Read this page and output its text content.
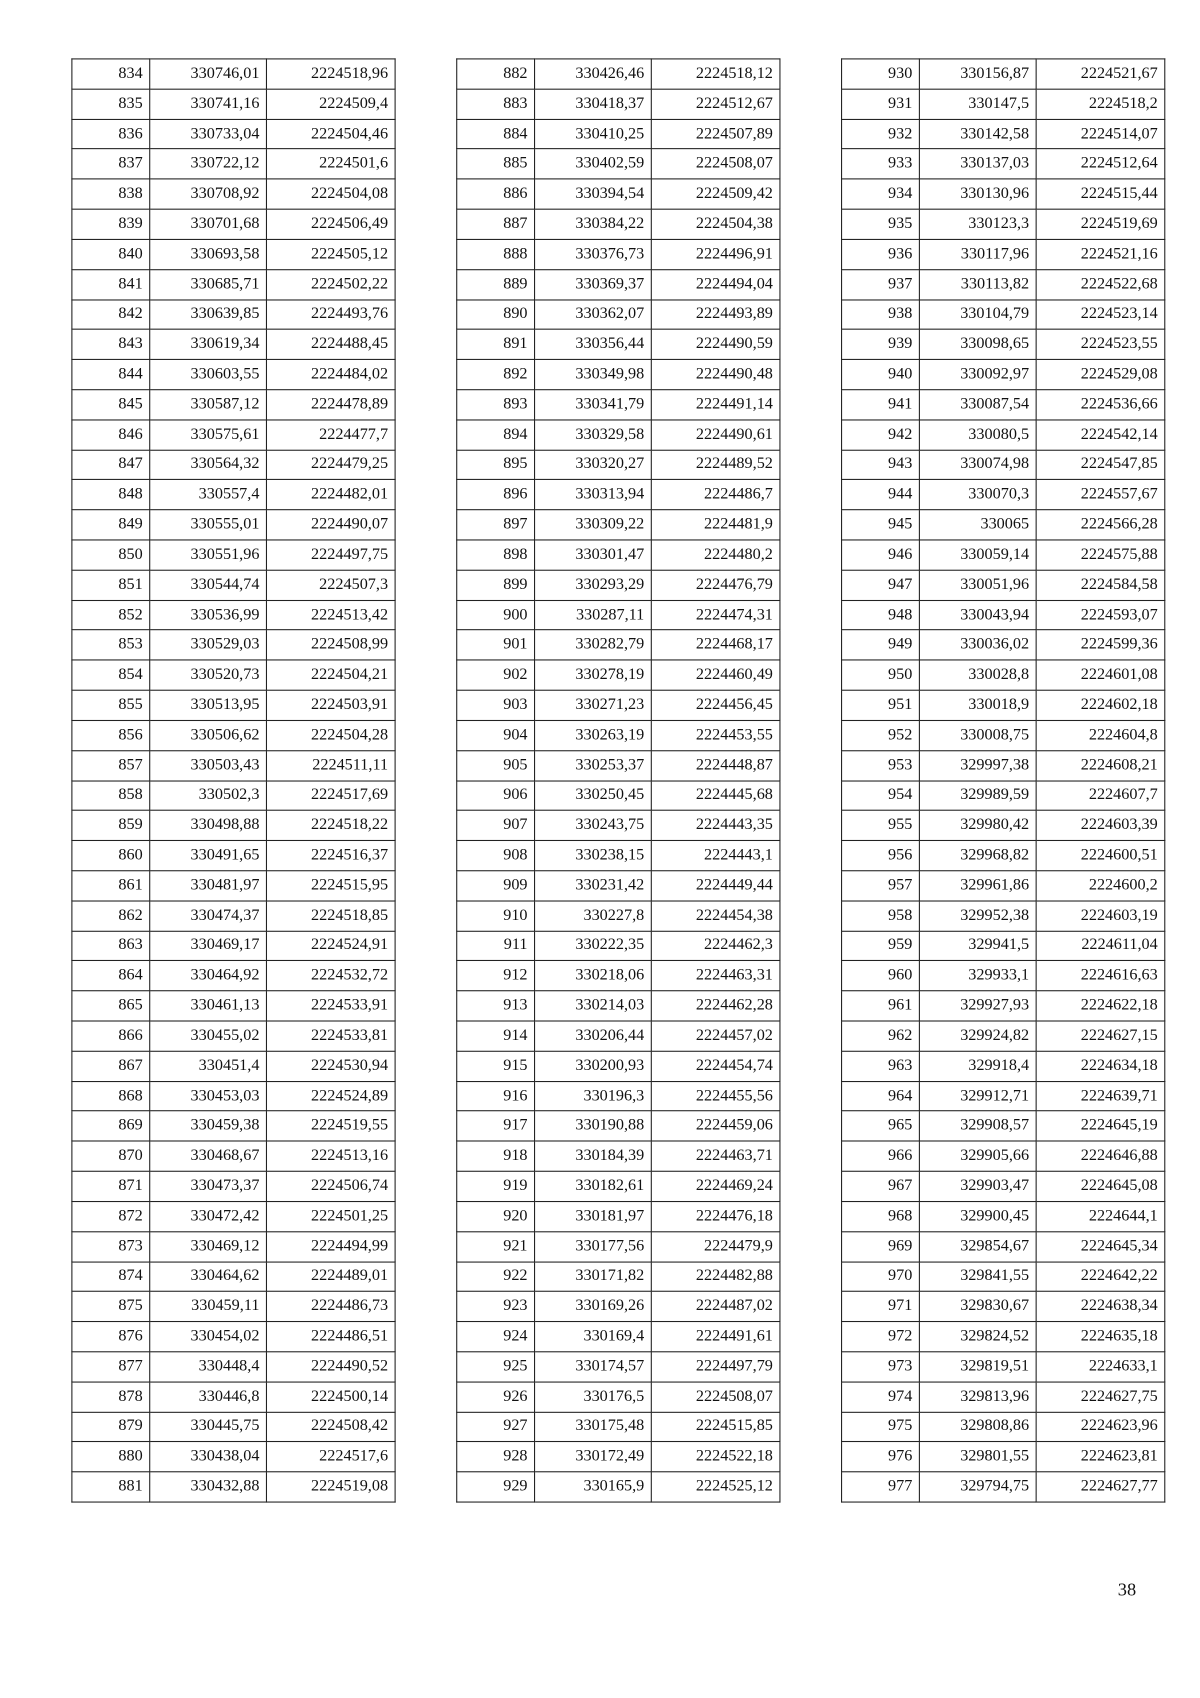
834	330746,01	2224518,96
835	330741,16	2224509,4
836	330733,04	2224504,46
837	330722,12	2224501,6
838	330708,92	2224504,08
839	330701,68	2224506,49
840	330693,58	2224505,12
841	330685,71	2224502,22
842	330639,85	2224493,76
843	330619,34	2224488,45
844	330603,55	2224484,02
845	330587,12	2224478,89
846	330575,61	2224477,7
847	330564,32	2224479,25
848	330557,4	2224482,01
849	330555,01	2224490,07
850	330551,96	2224497,75
851	330544,74	2224507,3
852	330536,99	2224513,42
853	330529,03	2224508,99
854	330520,73	2224504,21
855	330513,95	2224503,91
856	330506,62	2224504,28
857	330503,43	2224511,11
858	330502,3	2224517,69
859	330498,88	2224518,22
860	330491,65	2224516,37
861	330481,97	2224515,95
862	330474,37	2224518,85
863	330469,17	2224524,91
864	330464,92	2224532,72
865	330461,13	2224533,91
866	330455,02	2224533,81
867	330451,4	2224530,94
868	330453,03	2224524,89
869	330459,38	2224519,55
870	330468,67	2224513,16
871	330473,37	2224506,74
872	330472,42	2224501,25
873	330469,12	2224494,99
874	330464,62	2224489,01
875	330459,11	2224486,73
876	330454,02	2224486,51
877	330448,4	2224490,52
878	330446,8	2224500,14
879	330445,75	2224508,42
880	330438,04	2224517,6
881	330432,88	2224519,08
882	330426,46	2224518,12
883	330418,37	2224512,67
884	330410,25	2224507,89
885	330402,59	2224508,07
886	330394,54	2224509,42
887	330384,22	2224504,38
888	330376,73	2224496,91
889	330369,37	2224494,04
890	330362,07	2224493,89
891	330356,44	2224490,59
892	330349,98	2224490,48
893	330341,79	2224491,14
894	330329,58	2224490,61
895	330320,27	2224489,52
896	330313,94	2224486,7
897	330309,22	2224481,9
898	330301,47	2224480,2
899	330293,29	2224476,79
900	330287,11	2224474,31
901	330282,79	2224468,17
902	330278,19	2224460,49
903	330271,23	2224456,45
904	330263,19	2224453,55
905	330253,37	2224448,87
906	330250,45	2224445,68
907	330243,75	2224443,35
908	330238,15	2224443,1
909	330231,42	2224449,44
910	330227,8	2224454,38
911	330222,35	2224462,3
912	330218,06	2224463,31
913	330214,03	2224462,28
914	330206,44	2224457,02
915	330200,93	2224454,74
916	330196,3	2224455,56
917	330190,88	2224459,06
918	330184,39	2224463,71
919	330182,61	2224469,24
920	330181,97	2224476,18
921	330177,56	2224479,9
922	330171,82	2224482,88
923	330169,26	2224487,02
924	330169,4	2224491,61
925	330174,57	2224497,79
926	330176,5	2224508,07
927	330175,48	2224515,85
928	330172,49	2224522,18
929	330165,9	2224525,12
930	330156,87	2224521,67
931	330147,5	2224518,2
932	330142,58	2224514,07
933	330137,03	2224512,64
934	330130,96	2224515,44
935	330123,3	2224519,69
936	330117,96	2224521,16
937	330113,82	2224522,68
938	330104,79	2224523,14
939	330098,65	2224523,55
940	330092,97	2224529,08
941	330087,54	2224536,66
942	330080,5	2224542,14
943	330074,98	2224547,85
944	330070,3	2224557,67
945	330065	2224566,28
946	330059,14	2224575,88
947	330051,96	2224584,58
948	330043,94	2224593,07
949	330036,02	2224599,36
950	330028,8	2224601,08
951	330018,9	2224602,18
952	330008,75	2224604,8
953	329997,38	2224608,21
954	329989,59	2224607,7
955	329980,42	2224603,39
956	329968,82	2224600,51
957	329961,86	2224600,2
958	329952,38	2224603,19
959	329941,5	2224611,04
960	329933,1	2224616,63
961	329927,93	2224622,18
962	329924,82	2224627,15
963	329918,4	2224634,18
964	329912,71	2224639,71
965	329908,57	2224645,19
966	329905,66	2224646,88
967	329903,47	2224645,08
968	329900,45	2224644,1
969	329854,67	2224645,34
970	329841,55	2224642,22
971	329830,67	2224638,34
972	329824,52	2224635,18
973	329819,51	2224633,1
974	329813,96	2224627,75
975	329808,86	2224623,96
976	329801,55	2224623,81
977	329794,75	2224627,77
38
